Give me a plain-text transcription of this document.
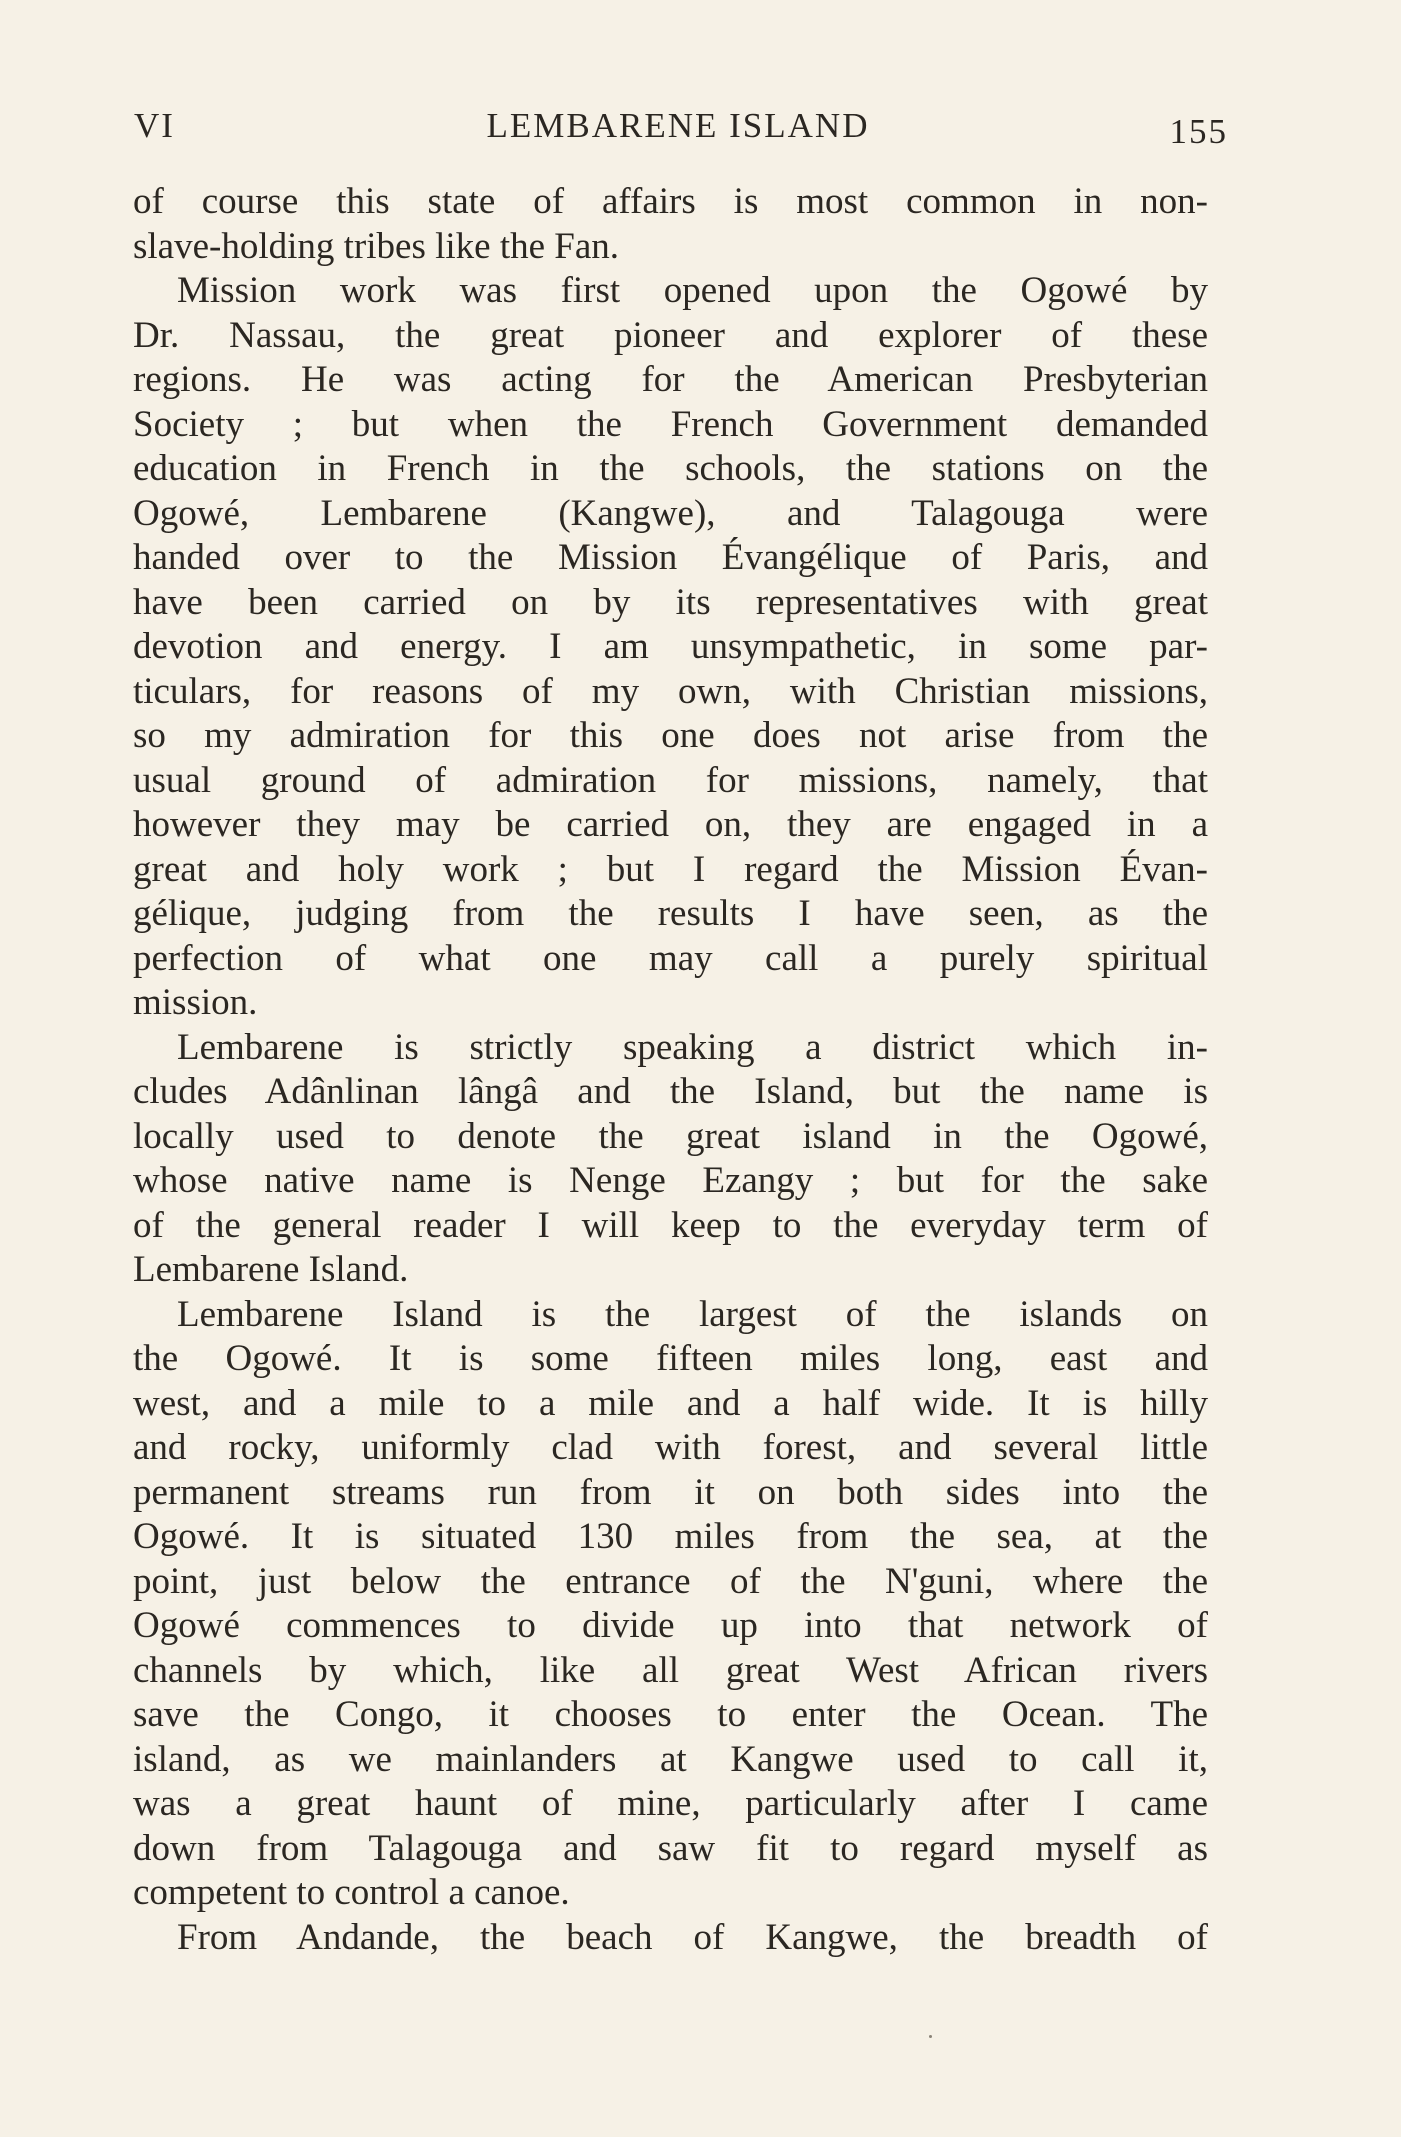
VI	LEMBARENE ISLAND	155
of course this state of affairs is most common in non-
slave-holding tribes like the Fan.
Mission work was first opened upon the Ogowé by
Dr. Nassau, the great pioneer and explorer of these
regions. He was acting for the American Presbyterian
Society ; but when the French Government demanded
education in French in the schools, the stations on the
Ogowé, Lembarene (Kangwe), and Talagouga were
handed over to the Mission Évangélique of Paris, and
have been carried on by its representatives with great
devotion and energy. I am unsympathetic, in some par-
ticulars, for reasons of my own, with Christian missions,
so my admiration for this one does not arise from the
usual ground of admiration for missions, namely, that
however they may be carried on, they are engaged in a
great and holy work ; but I regard the Mission Évan-
gélique, judging from the results I have seen, as the
perfection of what one may call a purely spiritual
mission.
Lembarene is strictly speaking a district which in-
cludes Adânlinan lângâ and the Island, but the name is
locally used to denote the great island in the Ogowé,
whose native name is Nenge Ezangy ; but for the sake
of the general reader I will keep to the everyday term of
Lembarene Island.
Lembarene Island is the largest of the islands on
the Ogowé. It is some fifteen miles long, east and
west, and a mile to a mile and a half wide. It is hilly
and rocky, uniformly clad with forest, and several little
permanent streams run from it on both sides into the
Ogowé. It is situated 130 miles from the sea, at the
point, just below the entrance of the N'guni, where the
Ogowé commences to divide up into that network of
channels by which, like all great West African rivers
save the Congo, it chooses to enter the Ocean. The
island, as we mainlanders at Kangwe used to call it,
was a great haunt of mine, particularly after I came
down from Talagouga and saw fit to regard myself as
competent to control a canoe.
From Andande, the beach of Kangwe, the breadth of
